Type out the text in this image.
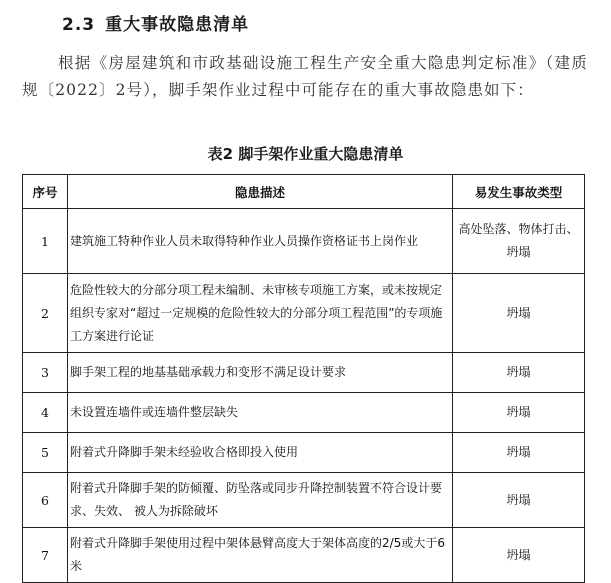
2.3 重大事故隐患清单
根据《房屋建筑和市政基础设施工程生产安全重大隐患判定标准》（建质规〔2022〕2号），脚手架作业过程中可能存在的重大事故隐患如下：
表2 脚手架作业重大隐患清单
序号	隐患描述	易发生事故类型
1	建筑施工特种作业人员未取得特种作业人员操作资格证书上岗作业	高处坠落、物体打击、坍塌
2	危险性较大的分部分项工程未编制、未审核专项施工方案，或未按规定组织专家对“超过一定规模的危险性较大的分部分项工程范围”的专项施工方案进行论证	坍塌
3	脚手架工程的地基基础承载力和变形不满足设计要求	坍塌
4	未设置连墙件或连墙件整层缺失	坍塌
5	附着式升降脚手架未经验收合格即投入使用	坍塌
6	附着式升降脚手架的防倾覆、防坠落或同步升降控制装置不符合设计要求、失效、 被人为拆除破坏	坍塌
7	附着式升降脚手架使用过程中架体悬臂高度大于架体高度的2/5或大于6米	坍塌
